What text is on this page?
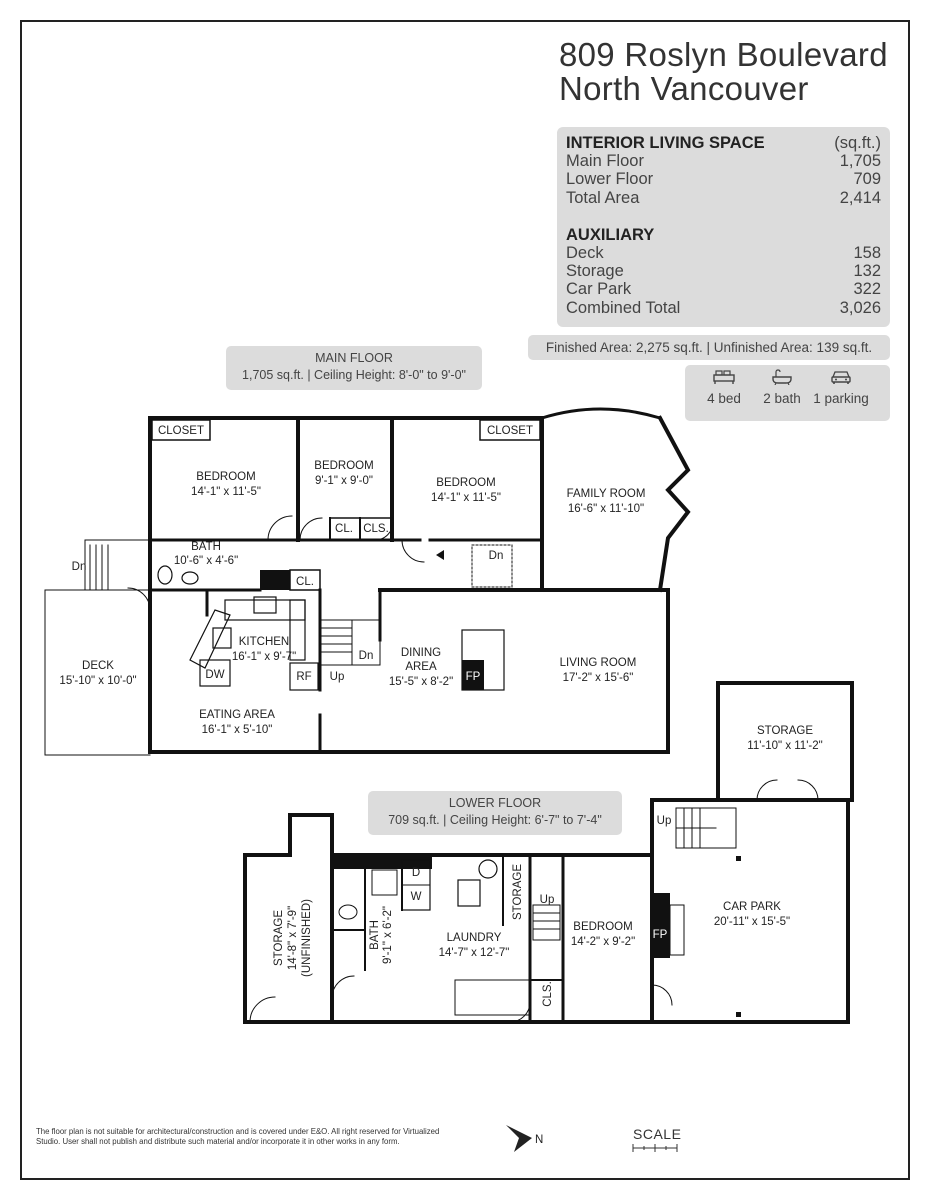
809 Roslyn Boulevard
North Vancouver
INTERIOR LIVING SPACE	(sq.ft.)
Main Floor	1,705
Lower Floor	709
Total Area	2,414
AUXILIARY
Deck	158
Storage	132
Car Park	322
Combined Total	3,026
Finished Area: 2,275 sq.ft. | Unfinished Area: 139 sq.ft.
4 bed	2 bath 1 parking
MAIN FLOOR
1,705 sq.ft. | Ceiling Height: 8'-0" to 9'-0"
LOWER FLOOR
709 sq.ft. | Ceiling Height: 6'-7" to 7'-4"
CLOSET	CLOSET
BEDROOM
14'-1" x 11'-5"
BEDROOM
9'-1" x 9'-0"	BEDROOM
14'-1" x 11'-5"	FAMILY ROOM
16'-6" x 11'-10"
CL. CLS.
BATH
10'-6" x 4'-6"
CL.
Dn
Dn
KITCHEN
16'-1" x 9'-7"	Dn
Up
DW	RF
DINING
AREA
15'-5" x 8'-2" FP
LIVING ROOM
17'-2" x 15'-6"
EATING AREA
16'-1" x 5'-10"
DECK
15'-10" x 10'-0"
STORAGE
11'-10" x 11'-2"
Up
D
W	Up
LAUNDRY
14'-7" x 12'-7"
BEDROOM
14'-2" x 9'-2"
FP
CAR PARK
20'-11" x 15'-5"
STORAGE 14'-8" x 7'-9" (UNFINISHED)	BATH 9'-1" x 6'-2"
STORAGE
CLS.
N
The floor plan is not suitable for architectural/construction and is covered under E&O. All right reserved for Virtualized Studio. User shall not publish and distribute such material and/or incorporate it in other works in any form.	SCALE
